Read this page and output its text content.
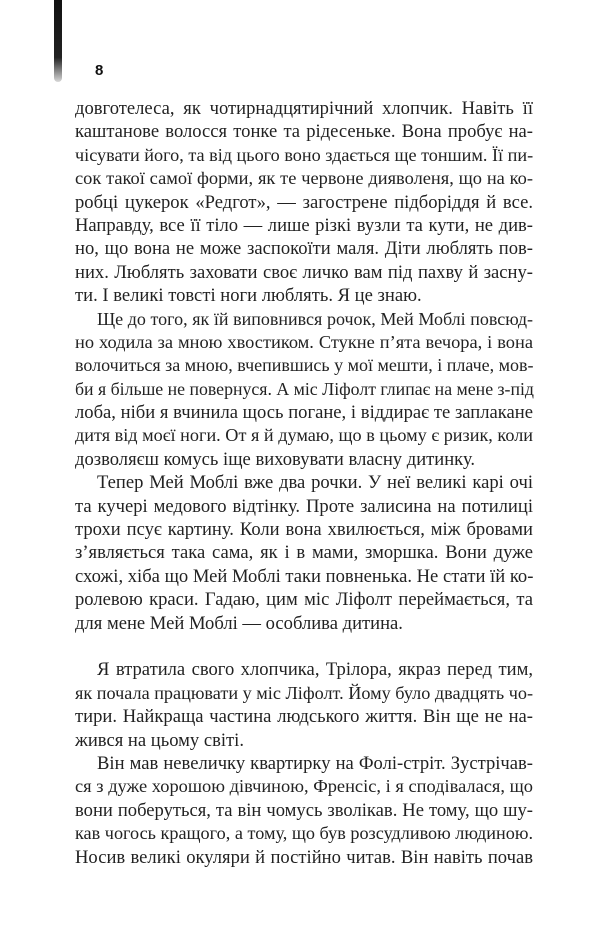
8
довготелеса, як чотирнадцятирічний хлопчик. Навіть її
каштанове волосся тонке та рідесеньке. Вона пробує на-
чісувати його, та від цього воно здається ще тоншим. Її пи-
сок такої самої форми, як те червоне дияволеня, що на ко-
робці цукерок «Редгот», — загострене підборіддя й все.
Направду, все її тіло — лише різкі вузли та кути, не див-
но, що вона не може заспокоїти маля. Діти люблять пов-
них. Люблять заховати своє личко вам під пахву й засну-
ти. І великі товсті ноги люблять. Я це знаю.
Ще до того, як їй виповнився рочок, Мей Моблі повсюд-
но ходила за мною хвостиком. Стукне п’ята вечора, і вона
волочиться за мною, вчепившись у мої мешти, і плаче, мов-
би я більше не повернуся. А міс Ліфолт глипає на мене з-під
лоба, ніби я вчинила щось погане, і віддирає те заплакане
дитя від моєї ноги. От я й думаю, що в цьому є ризик, коли
дозволяєш комусь іще виховувати власну дитинку.
Тепер Мей Моблі вже два рочки. У неї великі карі очі
та кучері медового відтінку. Проте залисина на потилиці
трохи псує картину. Коли вона хвилюється, між бровами
з’являється така сама, як і в мами, зморшка. Вони дуже
схожі, хіба що Мей Моблі таки повненька. Не стати їй ко-
ролевою краси. Гадаю, цим міс Ліфолт переймається, та
для мене Мей Моблі — особлива дитина.
Я втратила свого хлопчика, Трілора, якраз перед тим,
як почала працювати у міс Ліфолт. Йому було двадцять чо-
тири. Найкраща частина людського життя. Він ще не на-
жився на цьому світі.
Він мав невеличку квартирку на Фолі-стріт. Зустрічав-
ся з дуже хорошою дівчиною, Френсіс, і я сподівалася, що
вони поберуться, та він чомусь зволікав. Не тому, що шу-
кав чогось кращого, а тому, що був розсудливою людиною.
Носив великі окуляри й постійно читав. Він навіть почав
